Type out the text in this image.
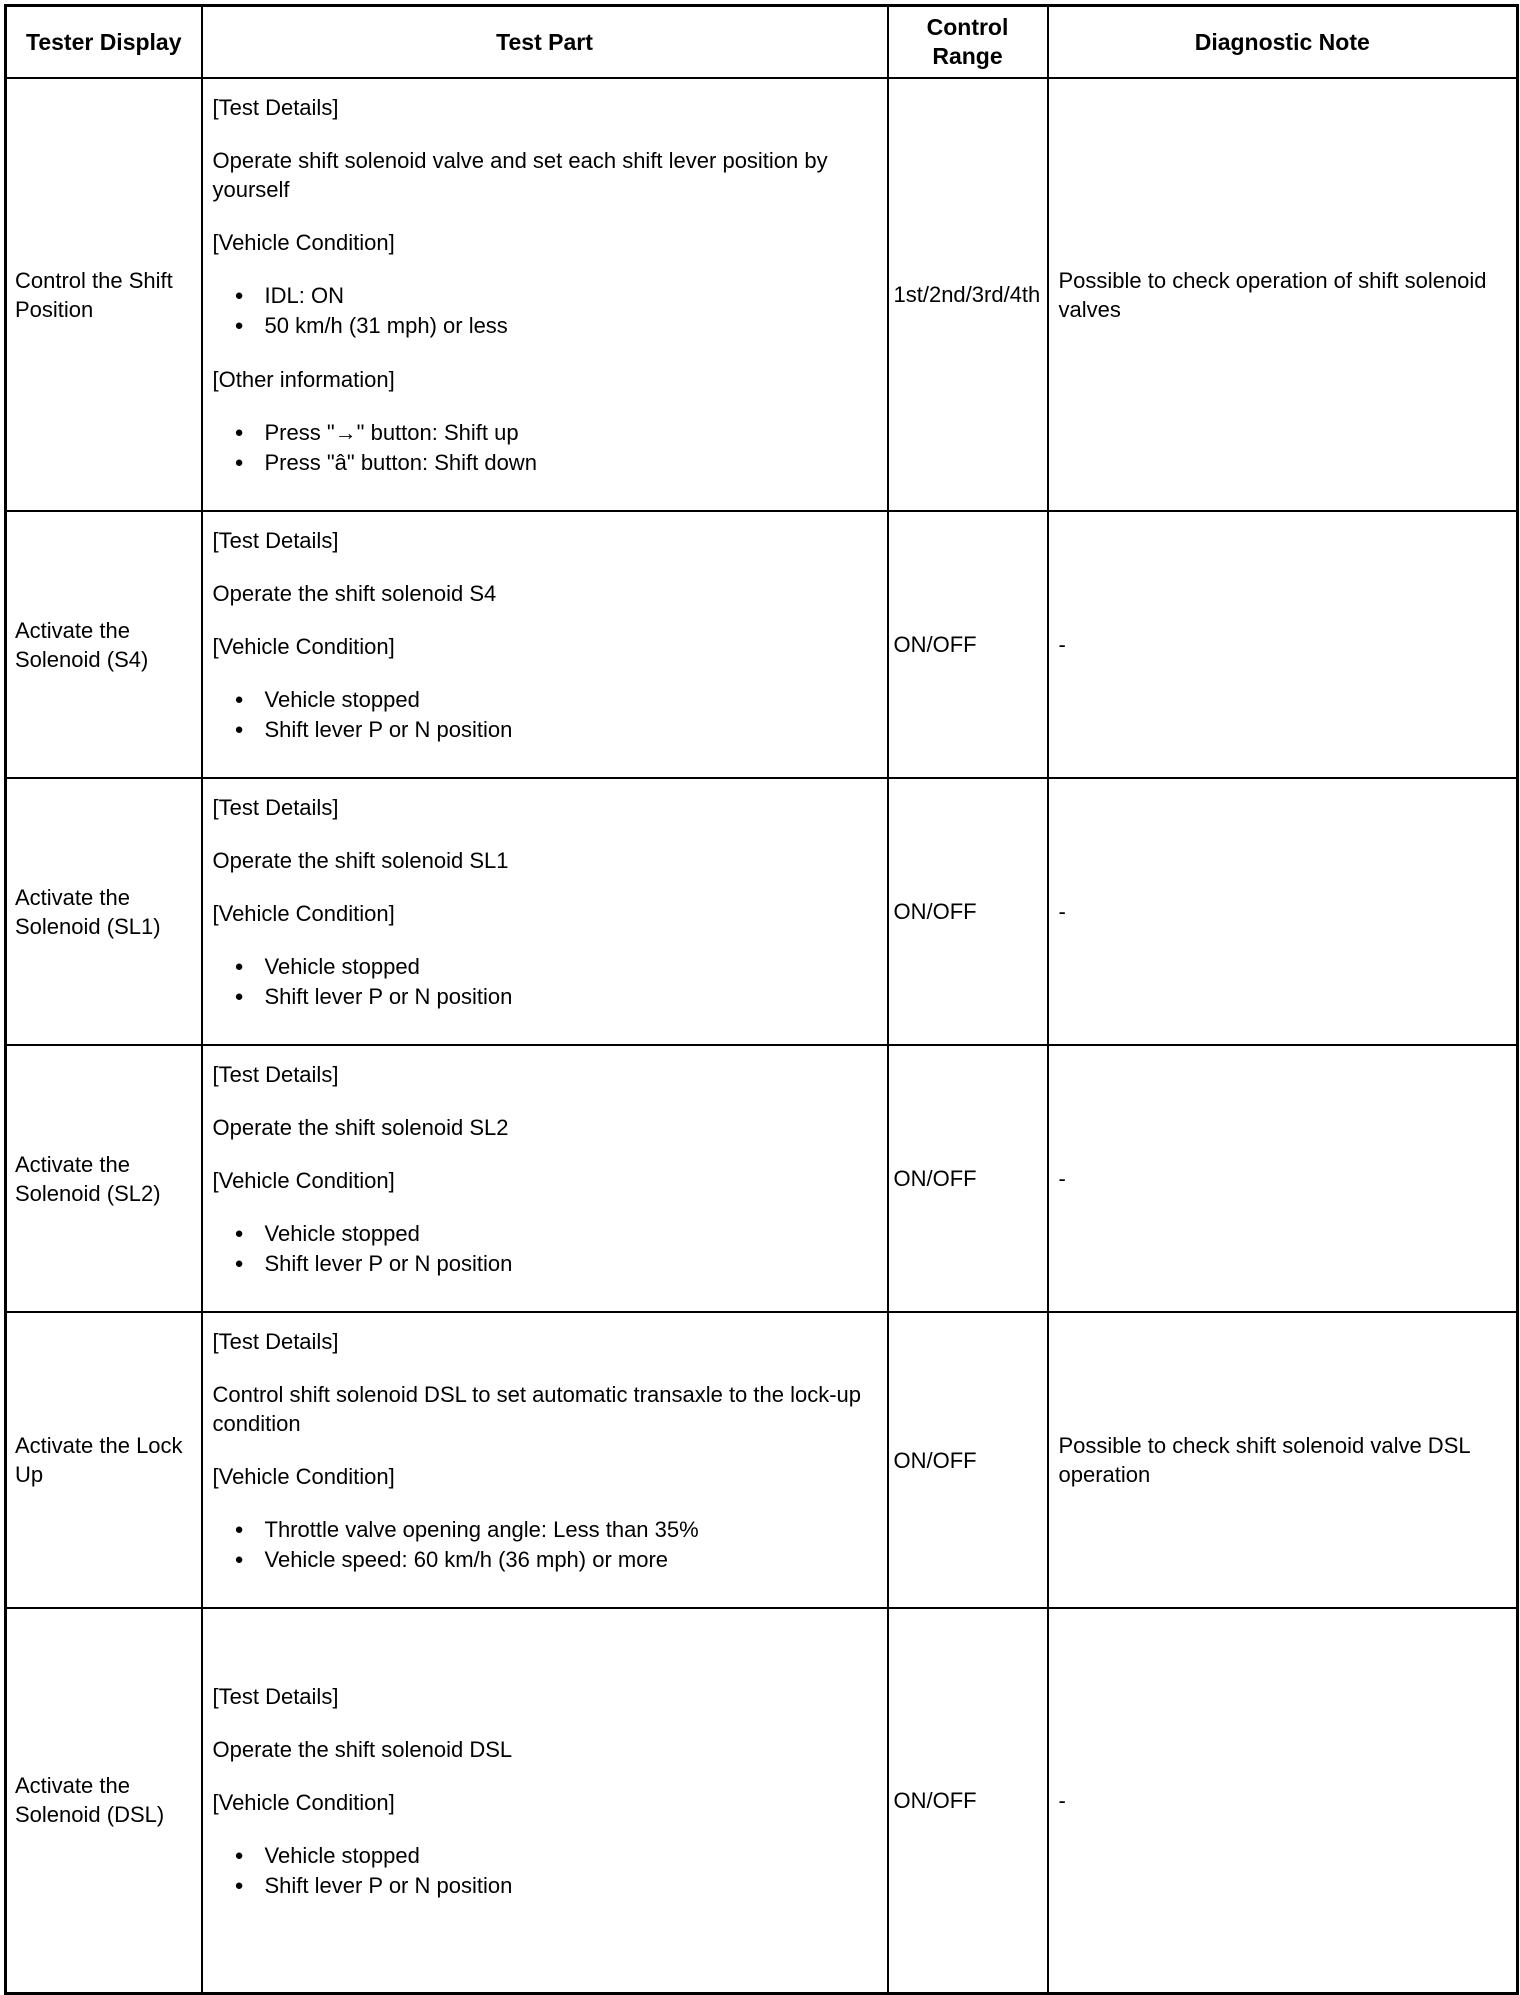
Tester Display	Test Part	Control Range	Diagnostic Note
Control the Shift Position	

[Test Details]

Operate shift solenoid valve and set each shift lever position by yourself

[Vehicle Condition]

● IDL: ON
● 50 km/h (31 mph) or less

[Other information]

● Press "→" button: Shift up
● Press "â" button: Shift down
	1st/2nd/3rd/4th	Possible to check operation of shift solenoid valves
Activate the Solenoid (S4)	

[Test Details]

Operate the shift solenoid S4

[Vehicle Condition]

● Vehicle stopped
● Shift lever P or N position
	ON/OFF	-
Activate the Solenoid (SL1)	

[Test Details]

Operate the shift solenoid SL1

[Vehicle Condition]

● Vehicle stopped
● Shift lever P or N position
	ON/OFF	-
Activate the Solenoid (SL2)	

[Test Details]

Operate the shift solenoid SL2

[Vehicle Condition]

● Vehicle stopped
● Shift lever P or N position
	ON/OFF	-
Activate the Lock Up	

[Test Details]

Control shift solenoid DSL to set automatic transaxle to the lock-up condition

[Vehicle Condition]

● Throttle valve opening angle: Less than 35%
● Vehicle speed: 60 km/h (36 mph) or more
	ON/OFF	Possible to check shift solenoid valve DSL operation
Activate the Solenoid (DSL)	

[Test Details]

Operate the shift solenoid DSL

[Vehicle Condition]

● Vehicle stopped
● Shift lever P or N position
	ON/OFF	-
